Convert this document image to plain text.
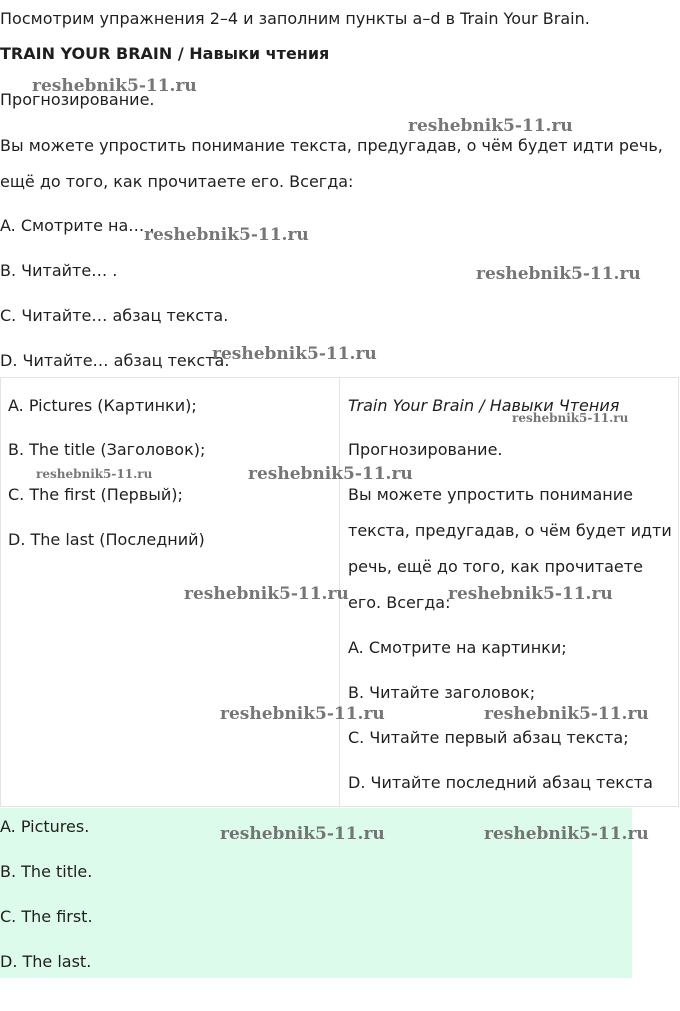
Посмотрим упражнения 2–4 и заполним пункты a–d в Train Your Brain.
TRAIN YOUR BRAIN / Навыки чтения
Прогнозирование.
Вы можете упростить понимание текста, предугадав, о чём будет идти речь,
ещё до того, как прочитаете его. Всегда:
A. Смотрите на… .
B. Читайте… .
C. Читайте… абзац текста.
D. Читайте… абзац текста.
A. Pictures (Картинки);
B. The title (Заголовок);
C. The first (Первый);
D. The last (Последний)
Train Your Brain / Навыки Чтения
Прогнозирование.
Вы можете упростить понимание
текста, предугадав, о чём будет идти
речь, ещё до того, как прочитаете
его. Всегда:
A. Смотрите на картинки;
B. Читайте заголовок;
C. Читайте первый абзац текста;
D. Читайте последний абзац текста
A. Pictures.
B. The title.
C. The first.
D. The last.
reshebnik5-11.ru
reshebnik5-11.ru
reshebnik5-11.ru
reshebnik5-11.ru
reshebnik5-11.ru
reshebnik5-11.ru
reshebnik5-11.ru	reshebnik5-11.ru
reshebnik5-11.ru	reshebnik5-11.ru
reshebnik5-11.ru	reshebnik5-11.ru
reshebnik5-11.ru	reshebnik5-11.ru
